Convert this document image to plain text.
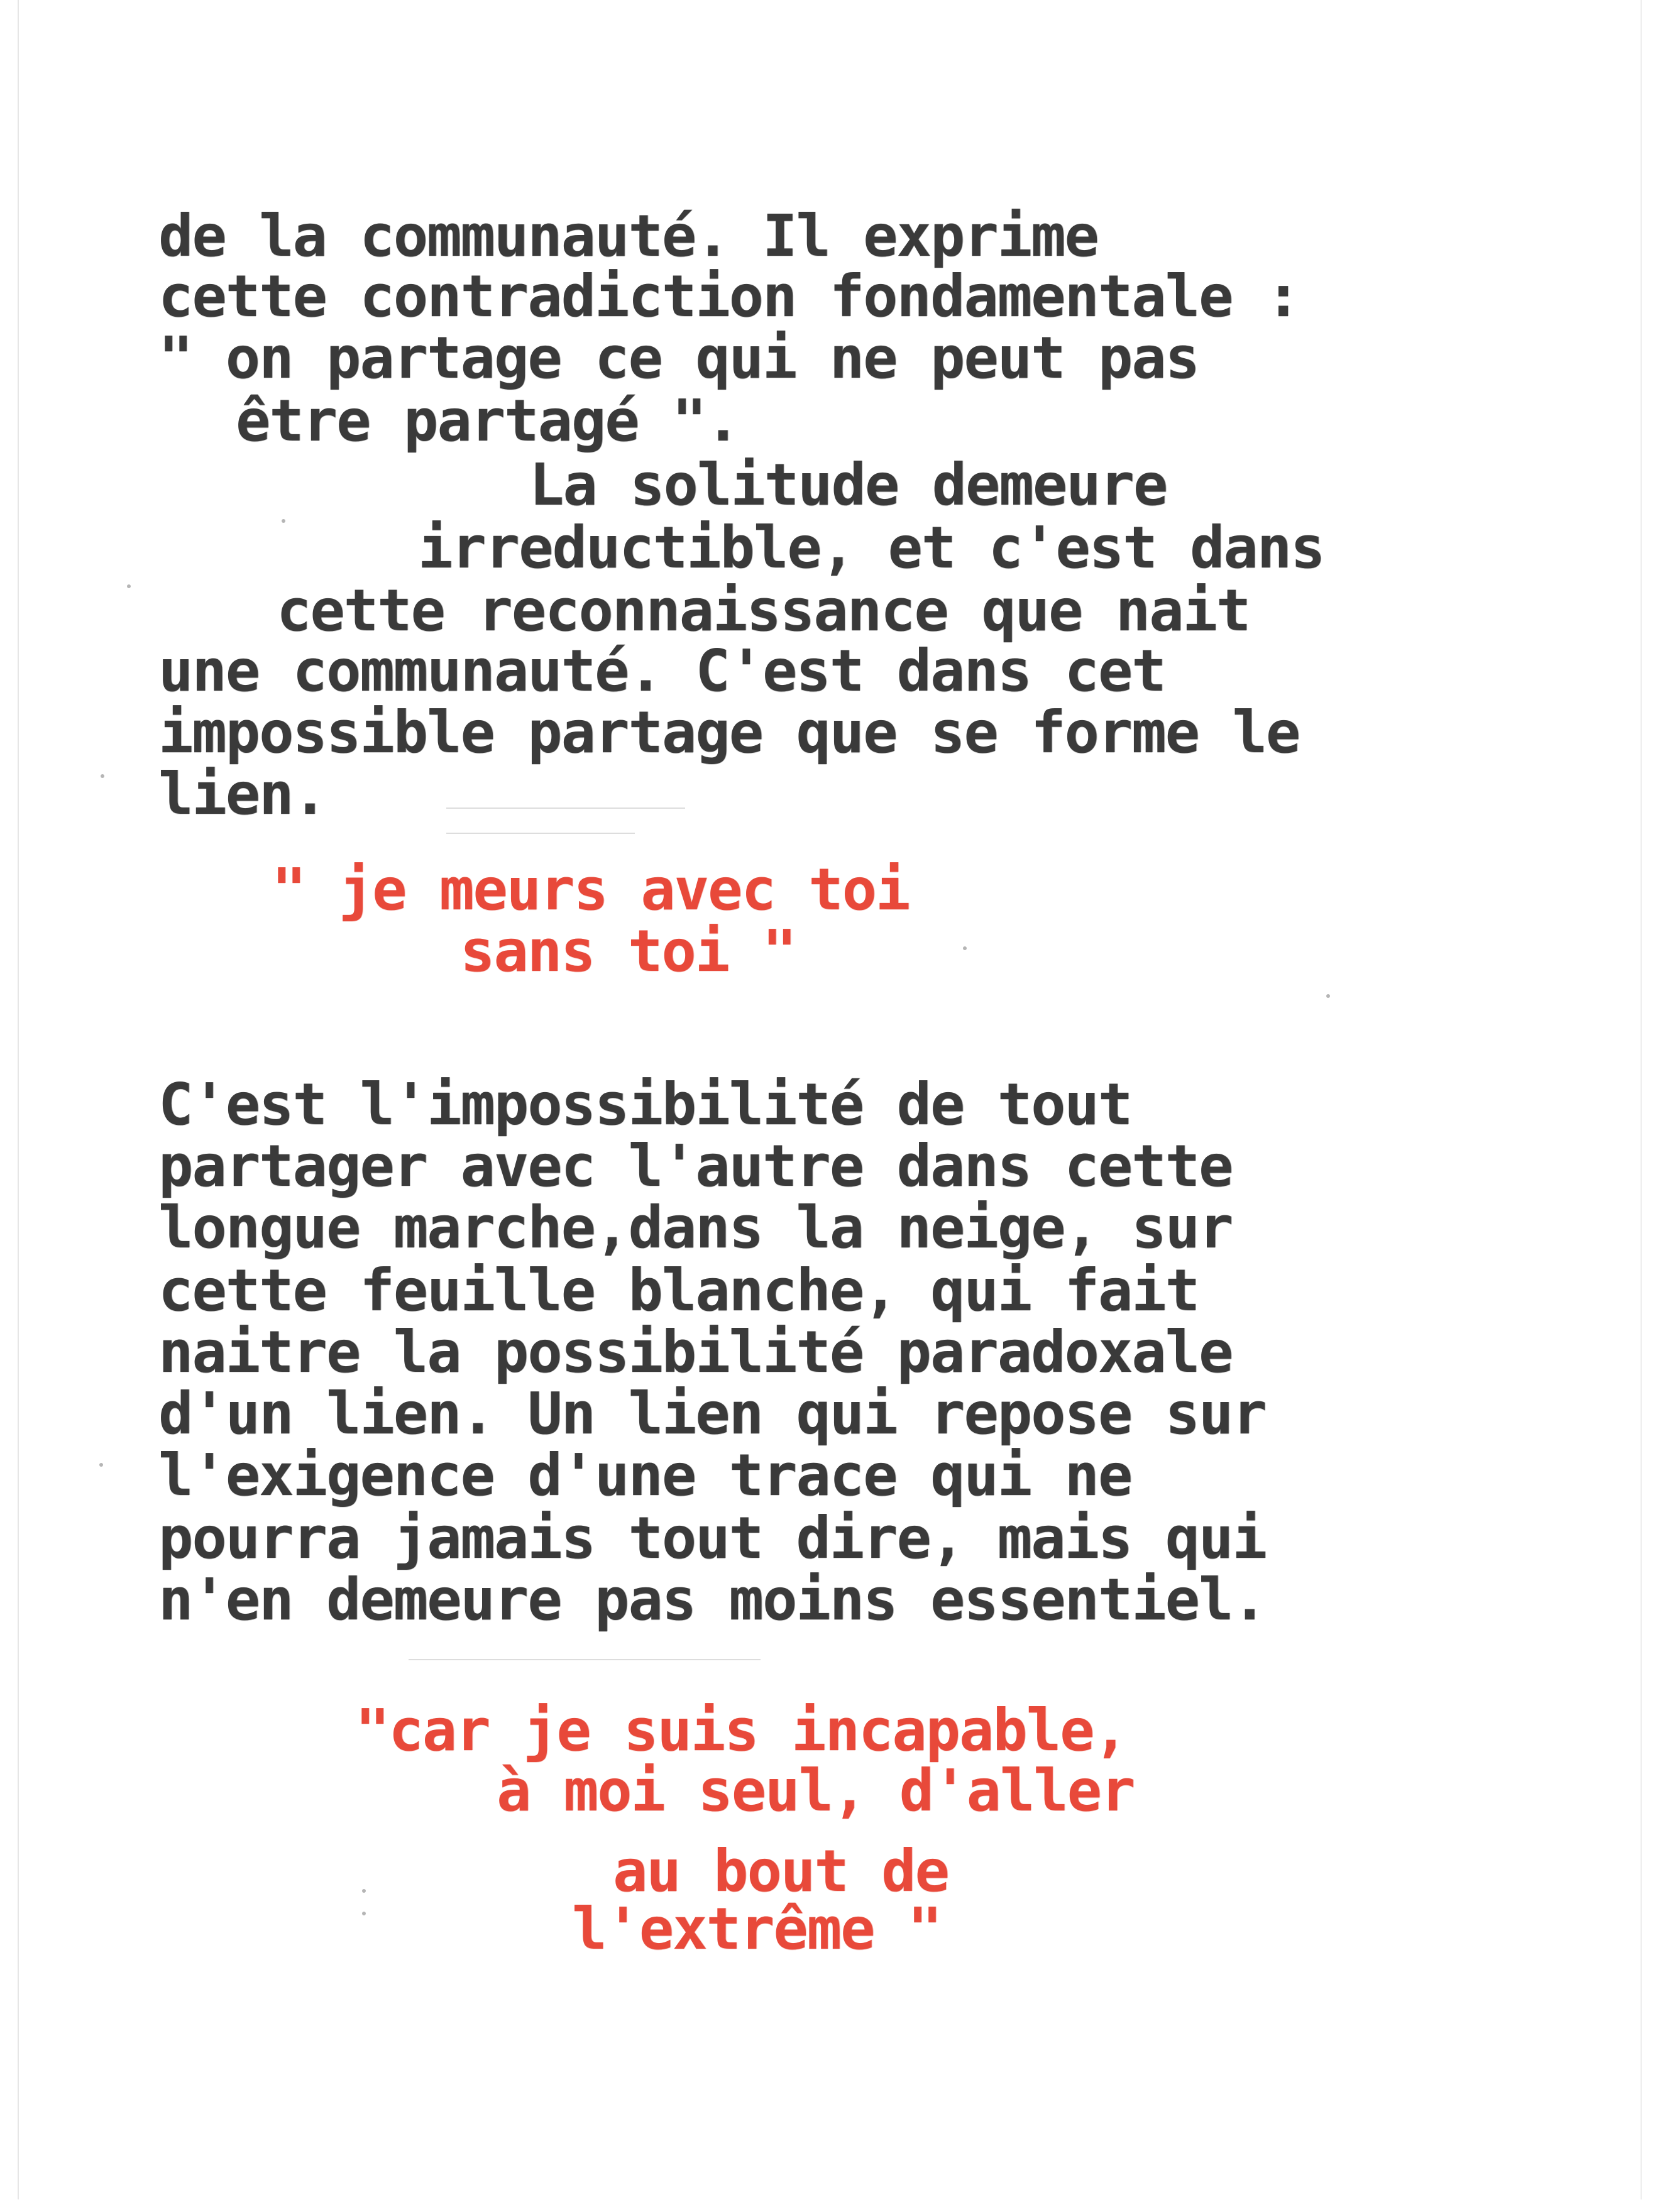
de la communauté. Il exprime
cette contradiction fondamentale :
" on partage ce qui ne peut pas
être partagé ".
La solitude demeure
irreductible, et c'est dans
cette reconnaissance que nait
une communauté. C'est dans cet
impossible partage que se forme le
lien.
" je meurs avec toi
sans toi "
C'est l'impossibilité de tout
partager avec l'autre dans cette
longue marche,dans la neige, sur
cette feuille blanche, qui fait
naitre la possibilité paradoxale
d'un lien. Un lien qui repose sur
l'exigence d'une trace qui ne
pourra jamais tout dire, mais qui
n'en demeure pas moins essentiel.
"car je suis incapable,
à moi seul, d'aller
au bout de
l'extrême "
